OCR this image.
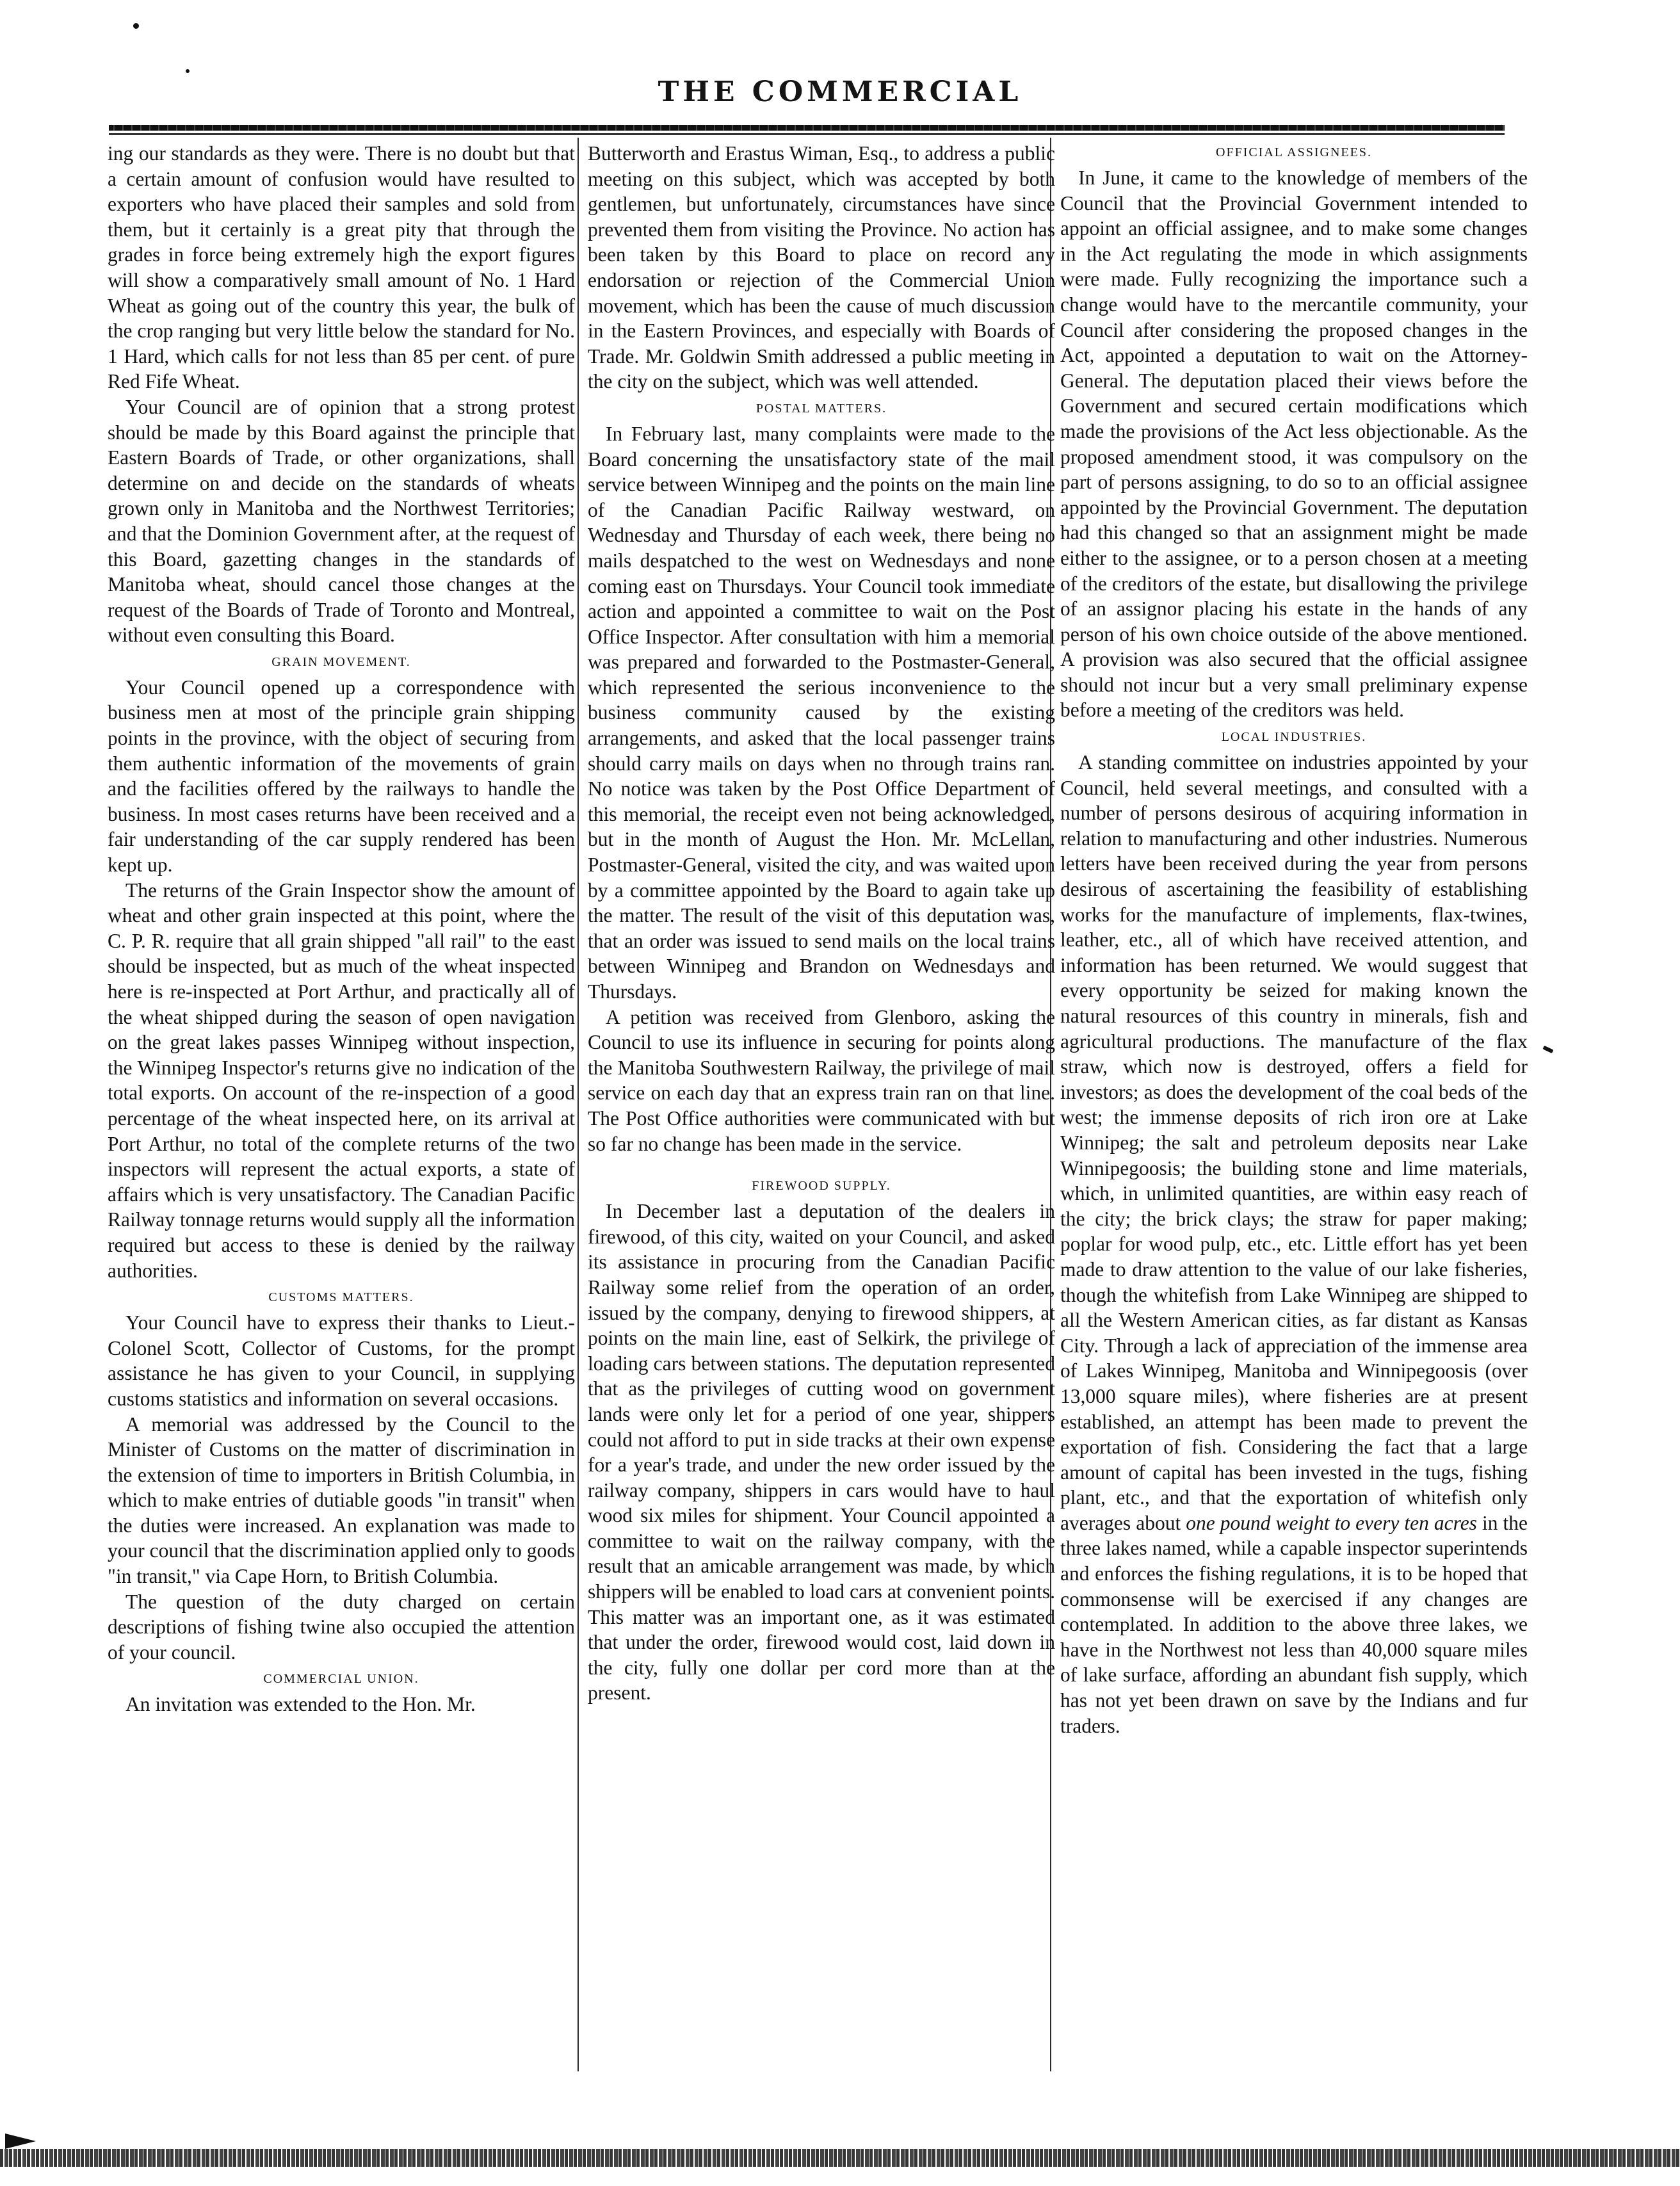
THE COMMERCIAL

ing our standards as they were. There is no doubt but that a certain amount of confusion would have resulted to exporters who have placed their samples and sold from them, but it certainly is a great pity that through the grades in force being extremely high the export figures will show a comparatively small amount of No. 1 Hard Wheat as going out of the country this year, the bulk of the crop ranging but very little below the standard for No. 1 Hard, which calls for not less than 85 per cent. of pure Red Fife Wheat.

Your Council are of opinion that a strong protest should be made by this Board against the principle that Eastern Boards of Trade, or other organizations, shall determine on and decide on the standards of wheats grown only in Manitoba and the Northwest Territories; and that the Dominion Government after, at the request of this Board, gazetting changes in the standards of Manitoba wheat, should cancel those changes at the request of the Boards of Trade of Toronto and Montreal, without even consulting this Board.

GRAIN MOVEMENT.

Your Council opened up a correspondence with business men at most of the principle grain shipping points in the province, with the object of securing from them authentic information of the movements of grain and the facilities offered by the railways to handle the business. In most cases returns have been received and a fair understanding of the car supply rendered has been kept up.

The returns of the Grain Inspector show the amount of wheat and other grain inspected at this point, where the C. P. R. require that all grain shipped "all rail" to the east should be inspected, but as much of the wheat inspected here is re-inspected at Port Arthur, and practically all of the wheat shipped during the season of open navigation on the great lakes passes Winnipeg without inspection, the Winnipeg Inspector's returns give no indication of the total exports. On account of the re-inspection of a good percentage of the wheat inspected here, on its arrival at Port Arthur, no total of the complete returns of the two inspectors will represent the actual exports, a state of affairs which is very unsatisfactory. The Canadian Pacific Railway tonnage returns would supply all the information required but access to these is denied by the railway authorities.

CUSTOMS MATTERS.

Your Council have to express their thanks to Lieut.-Colonel Scott, Collector of Customs, for the prompt assistance he has given to your Council, in supplying customs statistics and information on several occasions.

A memorial was addressed by the Council to the Minister of Customs on the matter of discrimination in the extension of time to importers in British Columbia, in which to make entries of dutiable goods "in transit" when the duties were increased. An explanation was made to your council that the discrimination applied only to goods "in transit," via Cape Horn, to British Columbia.

The question of the duty charged on certain descriptions of fishing twine also occupied the attention of your council.

COMMERCIAL UNION.

An invitation was extended to the Hon. Mr.

Butterworth and Erastus Wiman, Esq., to address a public meeting on this subject, which was accepted by both gentlemen, but unfortunately, circumstances have since prevented them from visiting the Province. No action has been taken by this Board to place on record any endorsation or rejection of the Commercial Union movement, which has been the cause of much discussion in the Eastern Provinces, and especially with Boards of Trade. Mr. Goldwin Smith addressed a public meeting in the city on the subject, which was well attended.

POSTAL MATTERS.

In February last, many complaints were made to the Board concerning the unsatisfactory state of the mail service between Winnipeg and the points on the main line of the Canadian Pacific Railway westward, on Wednesday and Thursday of each week, there being no mails despatched to the west on Wednesdays and none coming east on Thursdays. Your Council took immediate action and appointed a committee to wait on the Post Office Inspector. After consultation with him a memorial was prepared and forwarded to the Postmaster-General, which represented the serious inconvenience to the business community caused by the existing arrangements, and asked that the local passenger trains should carry mails on days when no through trains ran. No notice was taken by the Post Office Department of this memorial, the receipt even not being acknowledged, but in the month of August the Hon. Mr. McLellan, Postmaster-General, visited the city, and was waited upon by a committee appointed by the Board to again take up the matter. The result of the visit of this deputation was, that an order was issued to send mails on the local trains between Winnipeg and Brandon on Wednesdays and Thursdays.

A petition was received from Glenboro, asking the Council to use its influence in securing for points along the Manitoba Southwestern Railway, the privilege of mail service on each day that an express train ran on that line. The Post Office authorities were communicated with but so far no change has been made in the service.

FIREWOOD SUPPLY.

In December last a deputation of the dealers in firewood, of this city, waited on your Council, and asked its assistance in procuring from the Canadian Pacific Railway some relief from the operation of an order, issued by the company, denying to firewood shippers, at points on the main line, east of Selkirk, the privilege of loading cars between stations. The deputation represented that as the privileges of cutting wood on government lands were only let for a period of one year, shippers could not afford to put in side tracks at their own expense for a year's trade, and under the new order issued by the railway company, shippers in cars would have to haul wood six miles for shipment. Your Council appointed a committee to wait on the railway company, with the result that an amicable arrangement was made, by which shippers will be enabled to load cars at convenient points. This matter was an important one, as it was estimated that under the order, firewood would cost, laid down in the city, fully one dollar per cord more than at the present.

OFFICIAL ASSIGNEES.

In June, it came to the knowledge of members of the Council that the Provincial Government intended to appoint an official assignee, and to make some changes in the Act regulating the mode in which assignments were made. Fully recognizing the importance such a change would have to the mercantile community, your Council after considering the proposed changes in the Act, appointed a deputation to wait on the Attorney-General. The deputation placed their views before the Government and secured certain modifications which made the provisions of the Act less objectionable. As the proposed amendment stood, it was compulsory on the part of persons assigning, to do so to an official assignee appointed by the Provincial Government. The deputation had this changed so that an assignment might be made either to the assignee, or to a person chosen at a meeting of the creditors of the estate, but disallowing the privilege of an assignor placing his estate in the hands of any person of his own choice outside of the above mentioned. A provision was also secured that the official assignee should not incur but a very small preliminary expense before a meeting of the creditors was held.

LOCAL INDUSTRIES.

A standing committee on industries appointed by your Council, held several meetings, and consulted with a number of persons desirous of acquiring information in relation to manufacturing and other industries. Numerous letters have been received during the year from persons desirous of ascertaining the feasibility of establishing works for the manufacture of implements, flax-twines, leather, etc., all of which have received attention, and information has been returned. We would suggest that every opportunity be seized for making known the natural resources of this country in minerals, fish and agricultural productions. The manufacture of the flax straw, which now is destroyed, offers a field for investors; as does the development of the coal beds of the west; the immense deposits of rich iron ore at Lake Winnipeg; the salt and petroleum deposits near Lake Winnipegoosis; the building stone and lime materials, which, in unlimited quantities, are within easy reach of the city; the brick clays; the straw for paper making; poplar for wood pulp, etc., etc. Little effort has yet been made to draw attention to the value of our lake fisheries, though the whitefish from Lake Winnipeg are shipped to all the Western American cities, as far distant as Kansas City. Through a lack of appreciation of the immense area of Lakes Winnipeg, Manitoba and Winnipegoosis (over 13,000 square miles), where fisheries are at present established, an attempt has been made to prevent the exportation of fish. Considering the fact that a large amount of capital has been invested in the tugs, fishing plant, etc., and that the exportation of whitefish only averages about one pound weight to every ten acres in the three lakes named, while a capable inspector superintends and enforces the fishing regulations, it is to be hoped that commonsense will be exercised if any changes are contemplated. In addition to the above three lakes, we have in the Northwest not less than 40,000 square miles of lake surface, affording an abundant fish supply, which has not yet been drawn on save by the Indians and fur traders.
